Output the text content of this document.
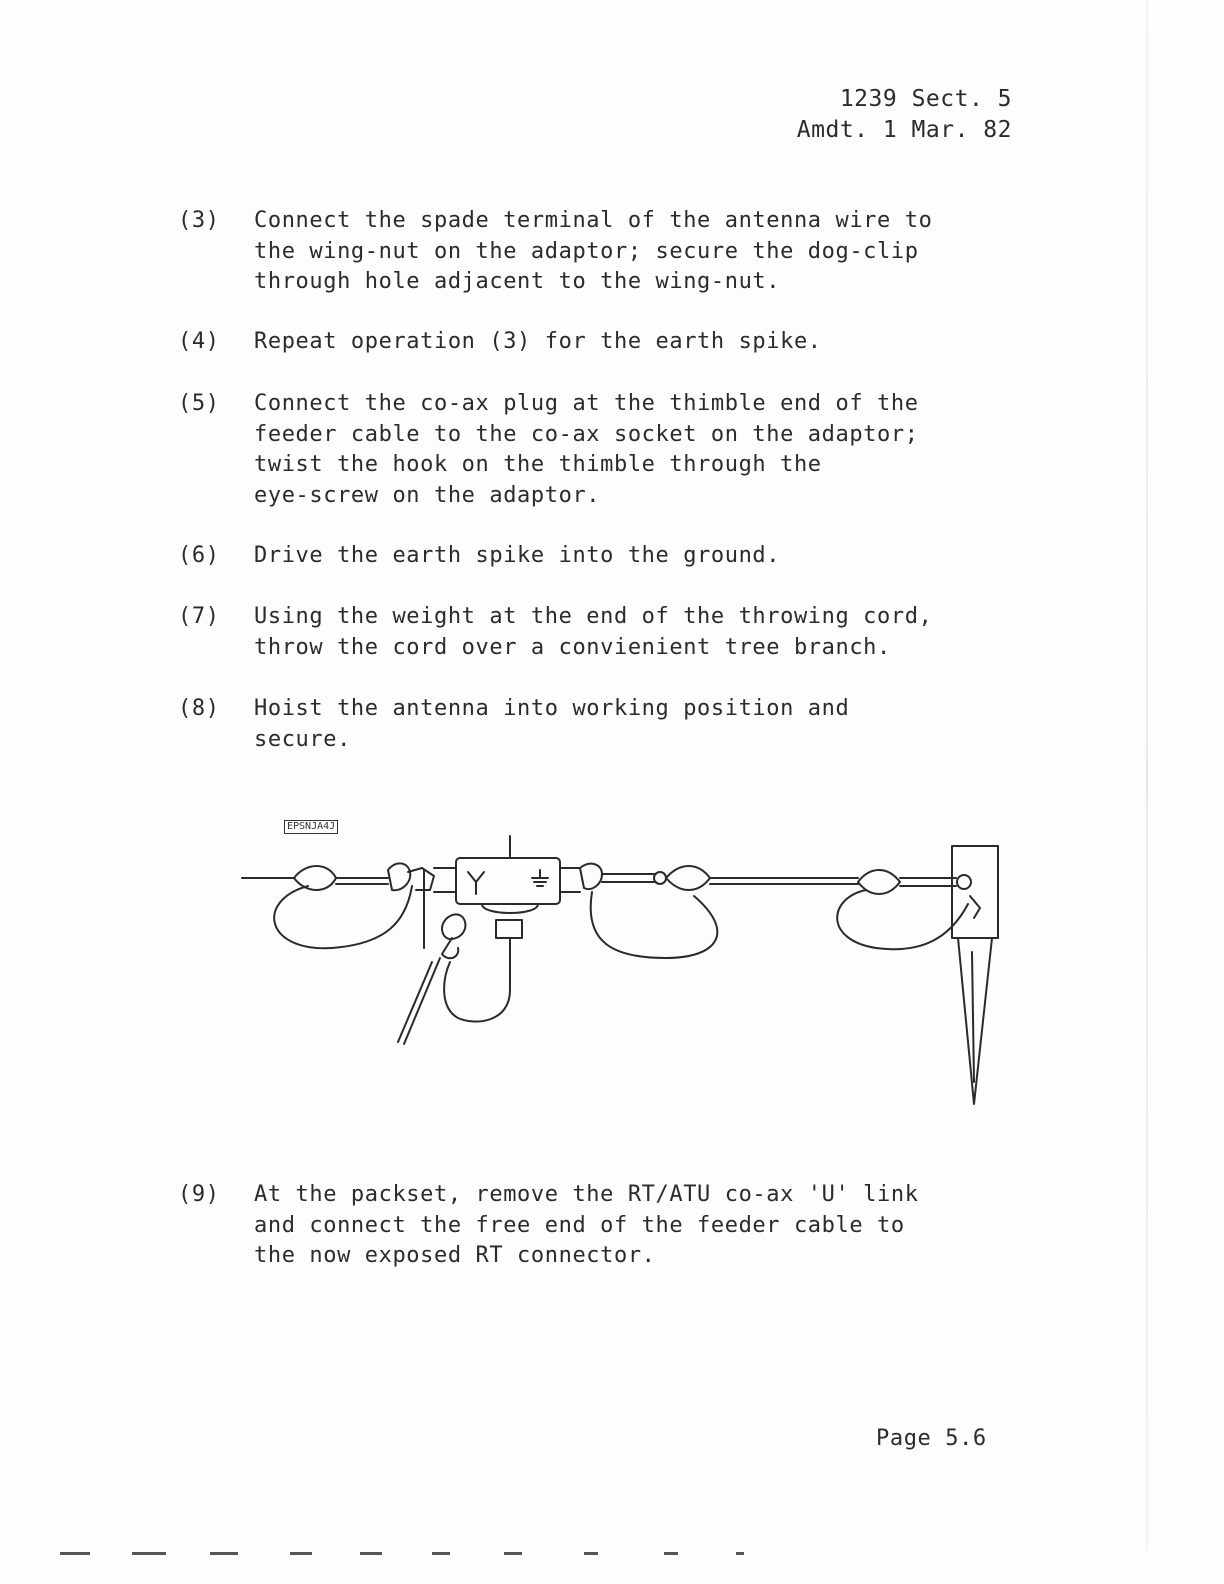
1239 Sect. 5
Amdt. 1 Mar. 82
(3) Connect the spade terminal of the antenna wire to
the wing-nut on the adaptor; secure the dog-clip
through hole adjacent to the wing-nut.
(4) Repeat operation (3) for the earth spike.
(5) Connect the co-ax plug at the thimble end of the
feeder cable to the co-ax socket on the adaptor;
twist the hook on the thimble through the
eye-screw on the adaptor.
(6) Drive the earth spike into the ground.
(7) Using the weight at the end of the throwing cord,
throw the cord over a convienient tree branch.
(8) Hoist the antenna into working position and
secure.
EPSNJA4J
(9) At the packset, remove the RT/ATU co-ax 'U' link
and connect the free end of the feeder cable to
the now exposed RT connector.
Page 5.6
